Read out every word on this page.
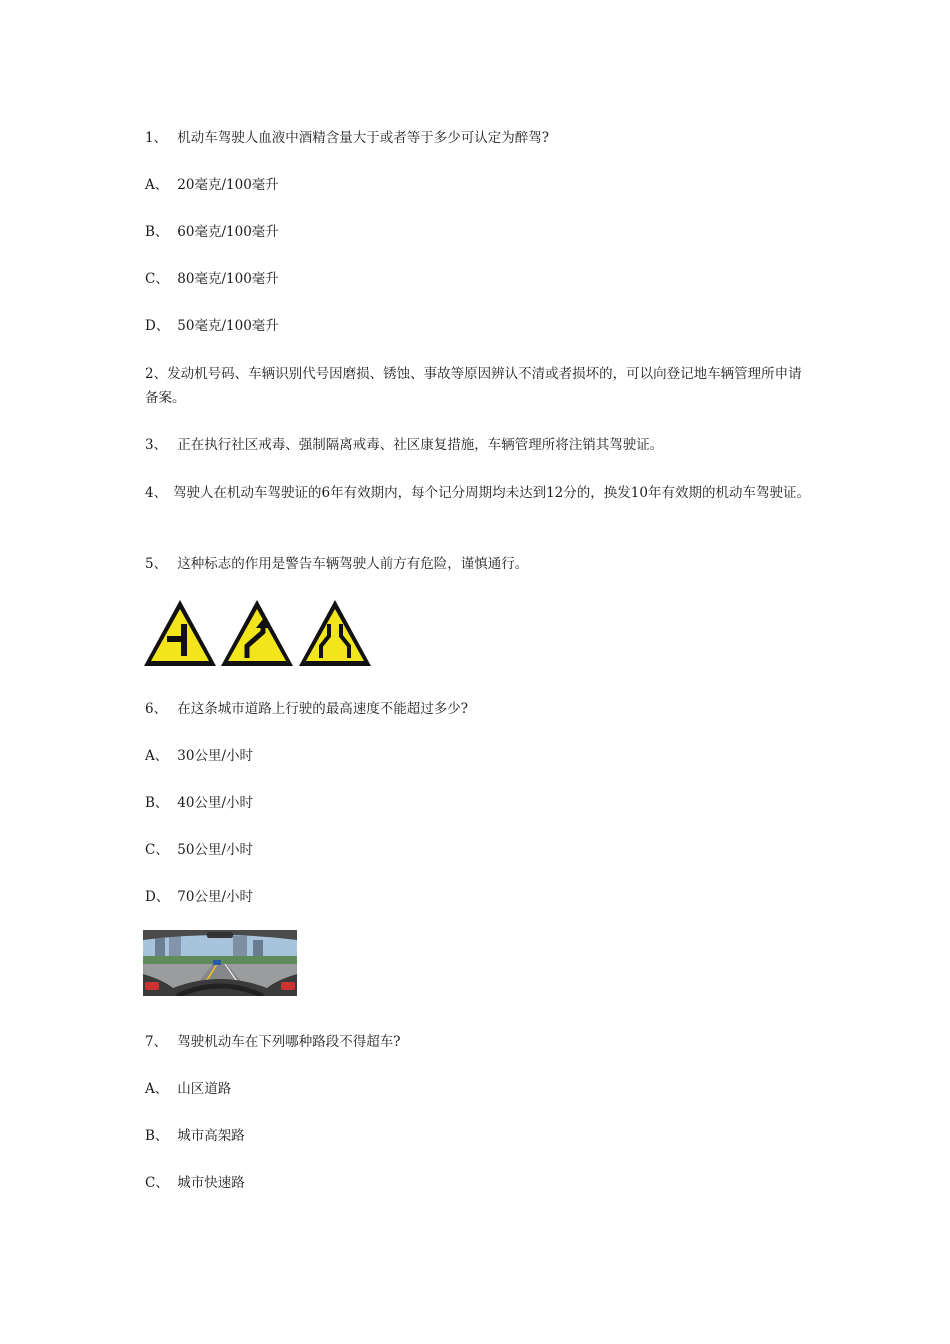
1、 机动车驾驶人血液中酒精含量大于或者等于多少可认定为醉驾?
A、 20毫克/100毫升
B、 60毫克/100毫升
C、 80毫克/100毫升
D、 50毫克/100毫升
2、发动机号码、车辆识别代号因磨损、锈蚀、事故等原因辨认不清或者损坏的，可以向登记地车辆管理所申请备案。
3、 正在执行社区戒毒、强制隔离戒毒、社区康复措施，车辆管理所将注销其驾驶证。
4、 驾驶人在机动车驾驶证的6年有效期内，每个记分周期均未达到12分的，换发10年有效期的机动车驾驶证。
5、 这种标志的作用是警告车辆驾驶人前方有危险，谨慎通行。
6、 在这条城市道路上行驶的最高速度不能超过多少?
A、 30公里/小时
B、 40公里/小时
C、 50公里/小时
D、 70公里/小时
7、 驾驶机动车在下列哪种路段不得超车?
A、 山区道路
B、 城市高架路
C、 城市快速路
